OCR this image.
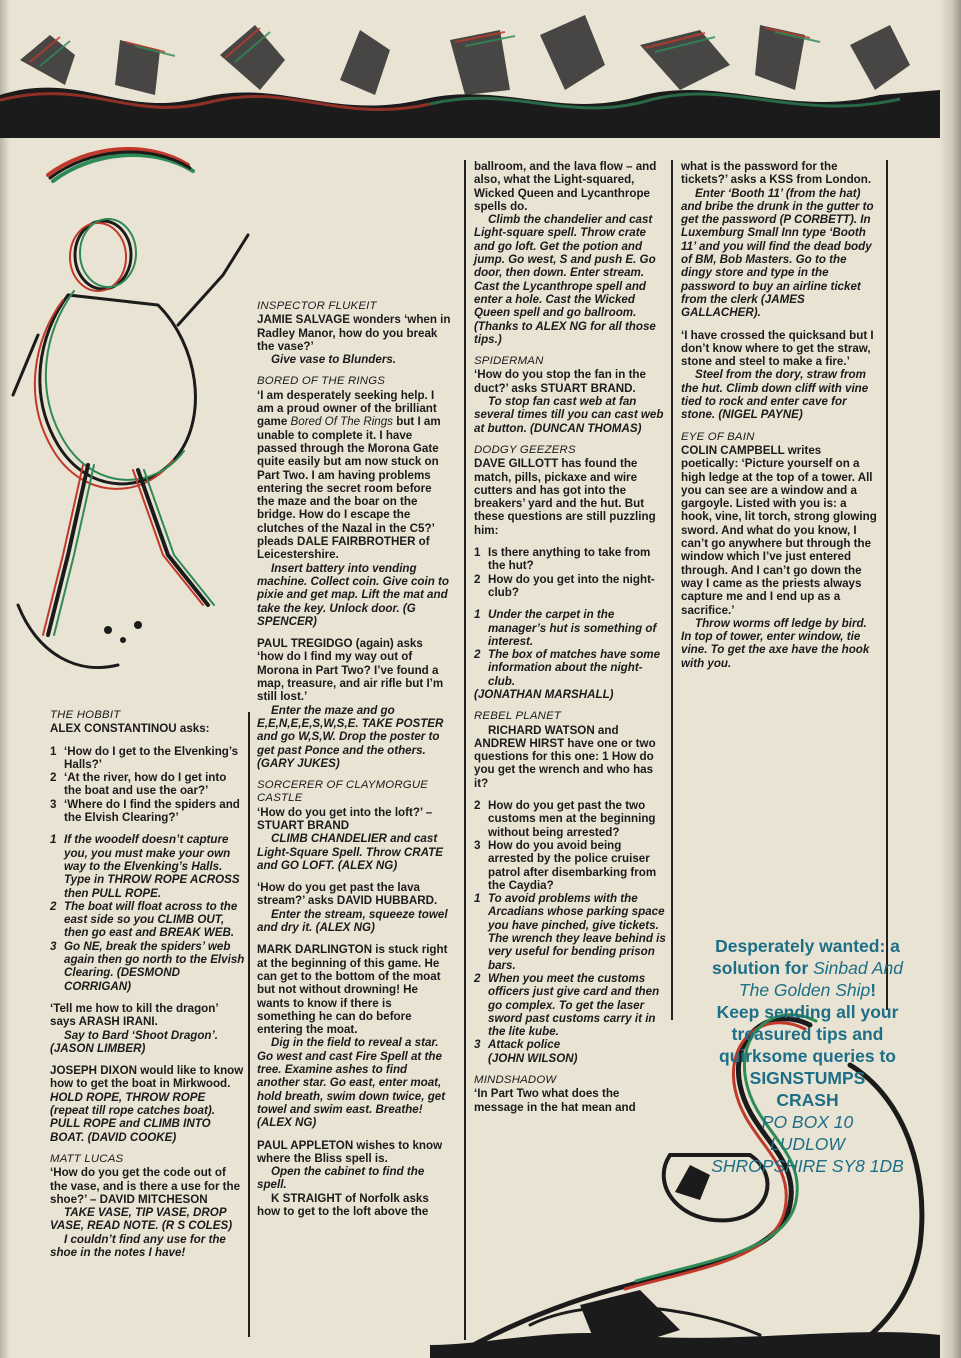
THE HOBBIT
ALEX CONSTANTINOU asks:

1 ‘How do I get to the Elvenking’s Halls?’
2 ‘At the river, how do I get into the boat and use the oar?’
3 ‘Where do I find the spiders and the Elvish Clearing?’
1 If the woodelf doesn’t capture you, you must make your own way to the Elvenking’s Halls. Type in THROW ROPE ACROSS then PULL ROPE.
2 The boat will float across to the east side so you CLIMB OUT, then go east and BREAK WEB.
3 Go NE, break the spiders’ web again then go north to the Elvish Clearing. (DESMOND CORRIGAN)

‘Tell me how to kill the dragon’ says ARASH IRANI.
Say to Bard ‘Shoot Dragon’. (JASON LIMBER)

JOSEPH DIXON would like to know how to get the boat in Mirkwood. HOLD ROPE, THROW ROPE (repeat till rope catches boat). PULL ROPE and CLIMB INTO BOAT. (DAVID COOKE)

MATT LUCAS
‘How do you get the code out of the vase, and is there a use for the shoe?’ – DAVID MITCHESON
TAKE VASE, TIP VASE, DROP VASE, READ NOTE. (R S COLES)
I couldn’t find any use for the shoe in the notes I have!

INSPECTOR FLUKEIT
JAMIE SALVAGE wonders ‘when in Radley Manor, how do you break the vase?’
Give vase to Blunders.

BORED OF THE RINGS
‘I am desperately seeking help. I am a proud owner of the brilliant game Bored Of The Rings but I am unable to complete it. I have passed through the Morona Gate quite easily but am now stuck on Part Two. I am having problems entering the secret room before the maze and the boar on the bridge. How do I escape the clutches of the Nazal in the C5?’ pleads DALE FAIRBROTHER of Leicestershire.
Insert battery into vending machine. Collect coin. Give coin to pixie and get map. Lift the mat and take the key. Unlock door. (G SPENCER)

PAUL TREGIDGO (again) asks ‘how do I find my way out of Morona in Part Two? I’ve found a map, treasure, and air rifle but I’m still lost.’
Enter the maze and go E,E,N,E,E,S,W,S,E. TAKE POSTER and go W,S,W. Drop the poster to get past Ponce and the others. (GARY JUKES)

SORCERER OF CLAYMORGUE CASTLE
‘How do you get into the loft?’ – STUART BRAND
CLIMB CHANDELIER and cast Light-Square Spell. Throw CRATE and GO LOFT. (ALEX NG)

‘How do you get past the lava stream?’ asks DAVID HUBBARD.
Enter the stream, squeeze towel and dry it. (ALEX NG)

MARK DARLINGTON is stuck right at the beginning of this game. He can get to the bottom of the moat but not without drowning! He wants to know if there is something he can do before entering the moat.
Dig in the field to reveal a star. Go west and cast Fire Spell at the tree. Examine ashes to find another star. Go east, enter moat, hold breath, swim down twice, get towel and swim east. Breathe! (ALEX NG)

PAUL APPLETON wishes to know where the Bliss spell is.
Open the cabinet to find the spell.
K STRAIGHT of Norfolk asks how to get to the loft above the

ballroom, and the lava flow – and also, what the Light-squared, Wicked Queen and Lycanthrope spells do.
Climb the chandelier and cast Light-square spell. Throw crate and go loft. Get the potion and jump. Go west, S and push E. Go door, then down. Enter stream. Cast the Lycanthrope spell and enter a hole. Cast the Wicked Queen spell and go ballroom. (Thanks to ALEX NG for all those tips.)

SPIDERMAN
‘How do you stop the fan in the duct?’ asks STUART BRAND.
To stop fan cast web at fan several times till you can cast web at button. (DUNCAN THOMAS)

DODGY GEEZERS
DAVE GILLOTT has found the match, pills, pickaxe and wire cutters and has got into the breakers’ yard and the hut. But these questions are still puzzling him:

1 Is there anything to take from the hut?
2 How do you get into the night-club?
1 Under the carpet in the manager’s hut is something of interest.
2 The box of matches have some information about the night-club.
(JONATHAN MARSHALL)

REBEL PLANET
RICHARD WATSON and ANDREW HIRST have one or two questions for this one: 1 How do you get the wrench and who has it?

2 How do you get past the two customs men at the beginning without being arrested?
3 How do you avoid being arrested by the police cruiser patrol after disembarking from the Caydia?
1 To avoid problems with the Arcadians whose parking space you have pinched, give tickets. The wrench they leave behind is very useful for bending prison bars.
2 When you meet the customs officers just give card and then go complex. To get the laser sword past customs carry it in the lite kube.
3 Attack police
(JOHN WILSON)

MINDSHADOW
‘In Part Two what does the message in the hat mean and

what is the password for the tickets?’ asks a KSS from London.
Enter ‘Booth 11’ (from the hat) and bribe the drunk in the gutter to get the password (P CORBETT). In Luxemburg Small Inn type ‘Booth 11’ and you will find the dead body of BM, Bob Masters. Go to the dingy store and type in the password to buy an airline ticket from the clerk (JAMES GALLACHER).

‘I have crossed the quicksand but I don’t know where to get the straw, stone and steel to make a fire.’
Steel from the dory, straw from the hut. Climb down cliff with vine tied to rock and enter cave for stone. (NIGEL PAYNE)

EYE OF BAIN
COLIN CAMPBELL writes poetically: ‘Picture yourself on a high ledge at the top of a tower. All you can see are a window and a gargoyle. Listed with you is: a hook, vine, lit torch, strong glowing sword. And what do you know, I can’t go anywhere but through the window which I’ve just entered through. And I can’t go down the way I came as the priests always capture me and I end up as a sacrifice.’
Throw worms off ledge by bird. In top of tower, enter window, tie vine. To get the axe have the hook with you.

Desperately wanted: a solution for Sinbad And The Golden Ship!
Keep sending all your treasured tips and quirksome queries to
SIGNSTUMPS
CRASH
PO BOX 10
LUDLOW
SHROPSHIRE SY8 1DB
